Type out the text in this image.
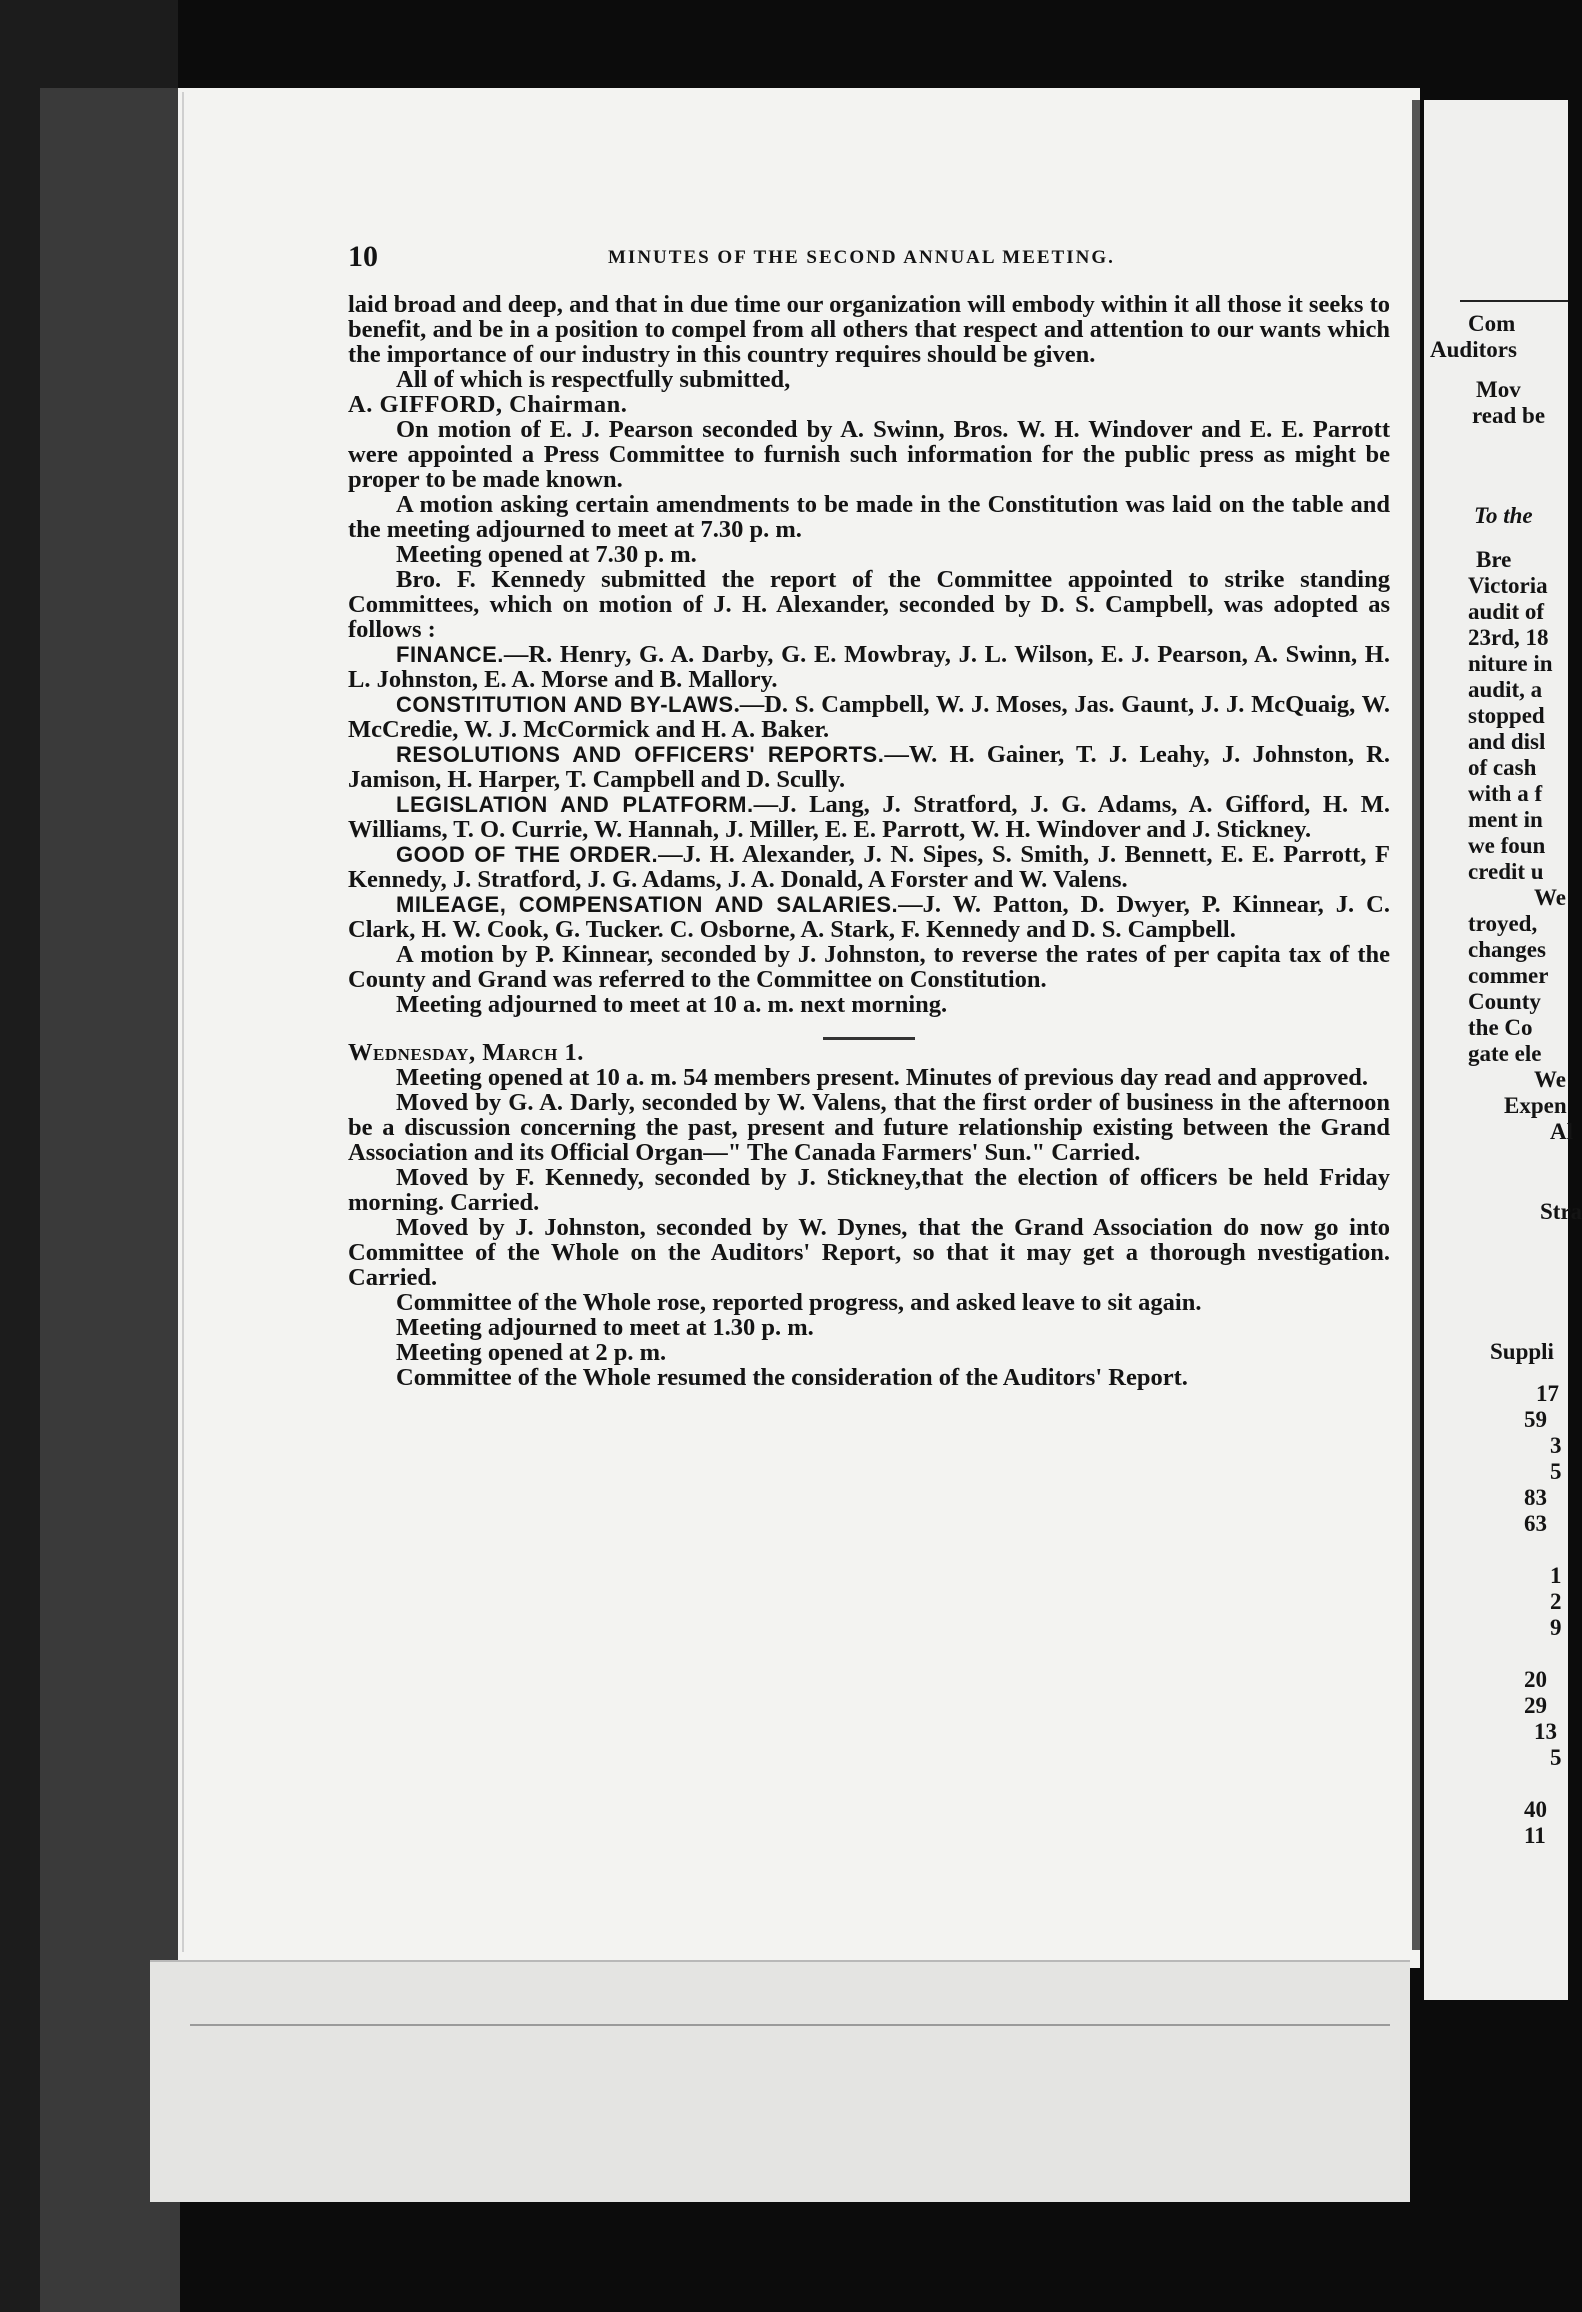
10	MINUTES OF THE SECOND ANNUAL MEETING.

laid broad and deep, and that in due time our organization will embody within it all those it seeks to benefit, and be in a position to compel from all others that respect and attention to our wants which the importance of our industry in this country requires should be given.

All of which is respectfully submitted,

A. GIFFORD, Chairman.

On motion of E. J. Pearson seconded by A. Swinn, Bros. W. H. Windover and E. E. Parrott were appointed a Press Committee to furnish such information for the public press as might be proper to be made known.

A motion asking certain amendments to be made in the Constitution was laid on the table and the meeting adjourned to meet at 7.30 p. m.

Meeting opened at 7.30 p. m.

Bro. F. Kennedy submitted the report of the Committee appointed to strike standing Committees, which on motion of J. H. Alexander, seconded by D. S. Campbell, was adopted as follows :

FINANCE.—R. Henry, G. A. Darby, G. E. Mowbray, J. L. Wilson, E. J. Pearson, A. Swinn, H. L. Johnston, E. A. Morse and B. Mallory.

CONSTITUTION AND BY-LAWS.—D. S. Campbell, W. J. Moses, Jas. Gaunt, J. J. McQuaig, W. McCredie, W. J. McCormick and H. A. Baker.

RESOLUTIONS AND OFFICERS' REPORTS.—W. H. Gainer, T. J. Leahy, J. Johnston, R. Jamison, H. Harper, T. Campbell and D. Scully.

LEGISLATION AND PLATFORM.—J. Lang, J. Stratford, J. G. Adams, A. Gifford, H. M. Williams, T. O. Currie, W. Hannah, J. Miller, E. E. Parrott, W. H. Windover and J. Stickney.

GOOD OF THE ORDER.—J. H. Alexander, J. N. Sipes, S. Smith, J. Bennett, E. E. Parrott, F Kennedy, J. Stratford, J. G. Adams, J. A. Donald, A Forster and W. Valens.

MILEAGE, COMPENSATION AND SALARIES.—J. W. Patton, D. Dwyer, P. Kinnear, J. C. Clark, H. W. Cook, G. Tucker. C. Osborne, A. Stark, F. Kennedy and D. S. Campbell.

A motion by P. Kinnear, seconded by J. Johnston, to reverse the rates of per capita tax of the County and Grand was referred to the Committee on Constitution.

Meeting adjourned to meet at 10 a. m. next morning.

Wednesday, March 1.

Meeting opened at 10 a. m. 54 members present. Minutes of previous day read and approved.

Moved by G. A. Darly, seconded by W. Valens, that the first order of business in the afternoon be a discussion concerning the past, present and future relationship existing between the Grand Association and its Official Organ—" The Canada Farmers' Sun." Carried.

Moved by F. Kennedy, seconded by J. Stickney,that the election of officers be held Friday morning. Carried.

Moved by J. Johnston, seconded by W. Dynes, that the Grand Association do now go into Committee of the Whole on the Auditors' Report, so that it may get a thorough nvestigation. Carried.

Committee of the Whole rose, reported progress, and asked leave to sit again.

Meeting adjourned to meet at 1.30 p. m.

Meeting opened at 2 p. m.

Committee of the Whole resumed the consideration of the Auditors' Report.

Com
Auditors
Mov
read be
To the
Bre
Victoria
audit of
23rd, 18
niture in
audit, a
stopped
and disl
of cash
with a f
ment in
we foun
credit u
We
troyed,
changes
commer
County
the Co
gate ele
We
Expen
Al
Stra
Suppli
17
59
3
5
83
63
1
2
9
20
29
13
5
40
11
